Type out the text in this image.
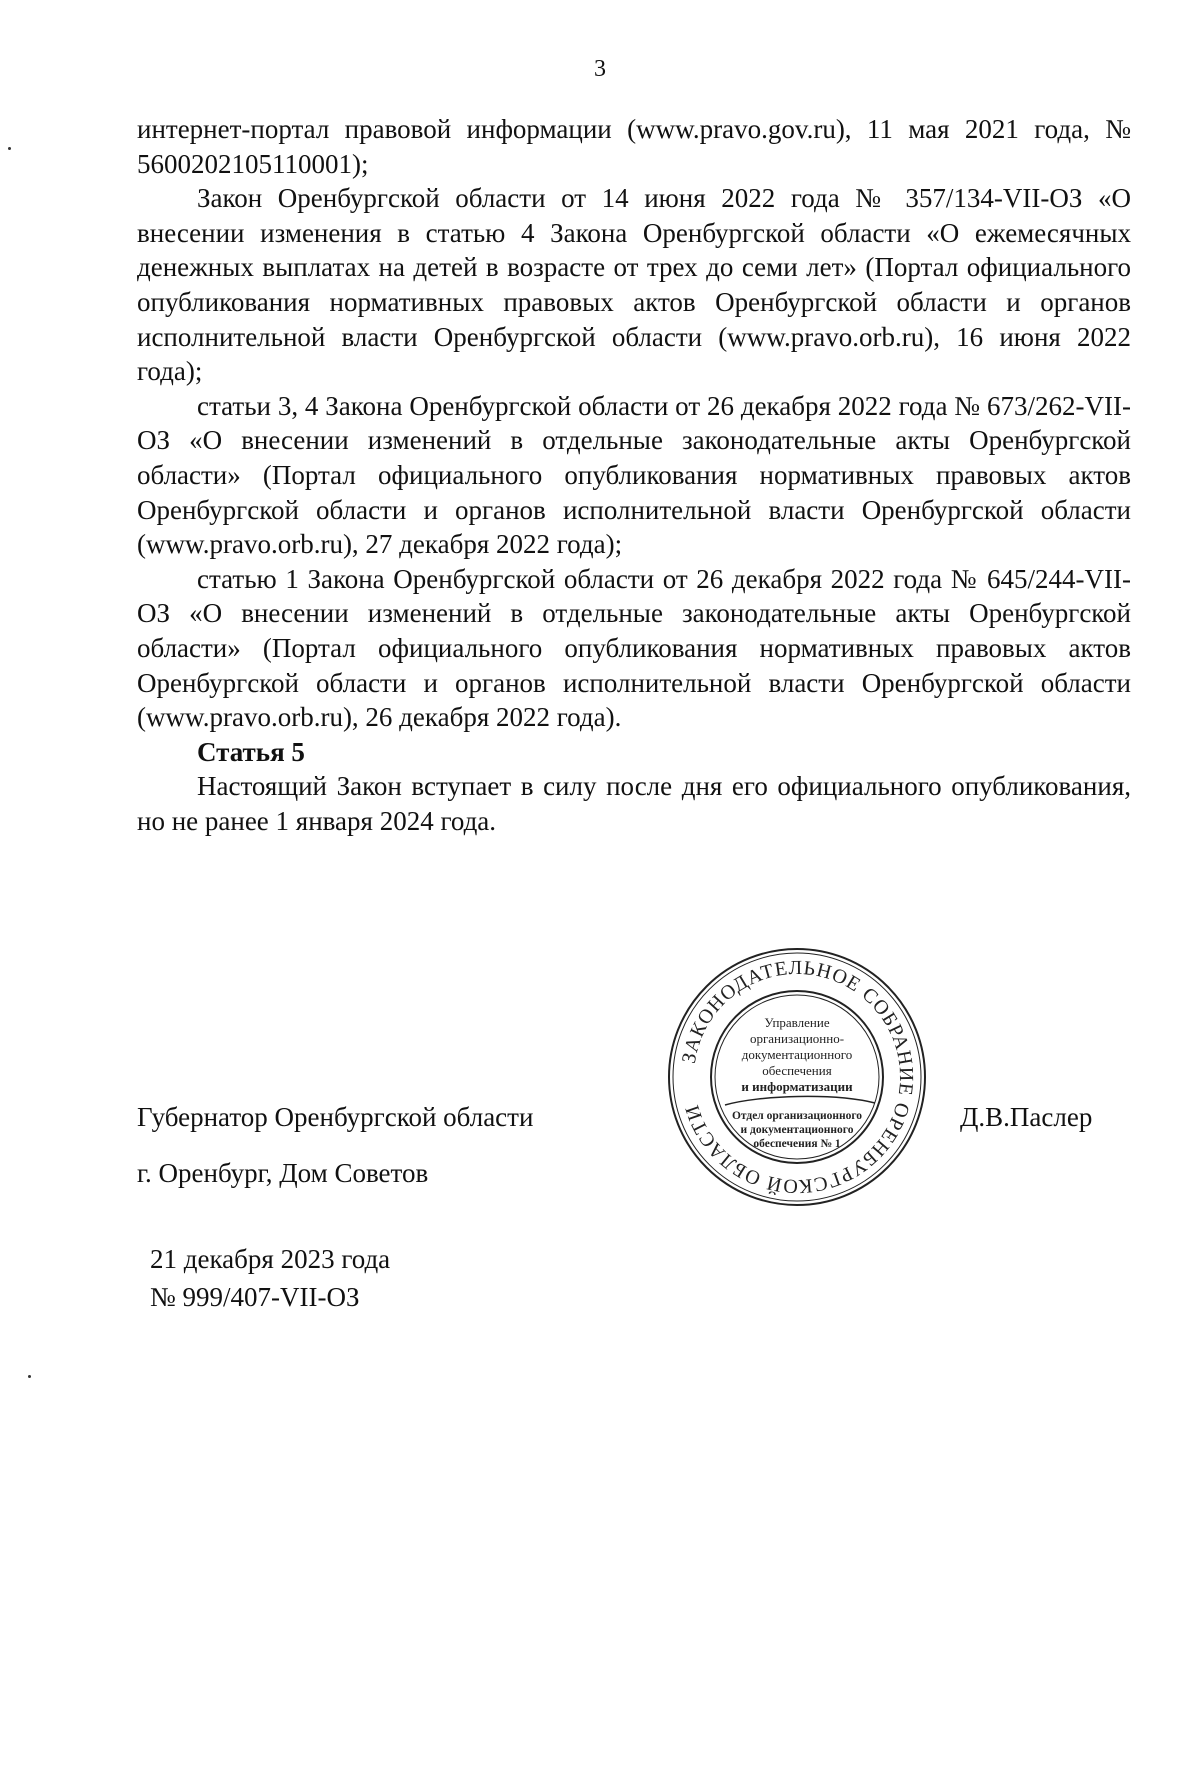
3

интернет-портал правовой информации (www.pravo.gov.ru), 11 мая 2021 года, № 5600202105110001);

Закон Оренбургской области от 14 июня 2022 года № 357/134-VII-ОЗ «О внесении изменения в статью 4 Закона Оренбургской области «О ежемесячных денежных выплатах на детей в возрасте от трех до семи лет» (Портал официального опубликования нормативных правовых актов Оренбургской области и органов исполнительной власти Оренбургской области (www.pravo.orb.ru), 16 июня 2022 года);

статьи 3, 4 Закона Оренбургской области от 26 декабря 2022 года № 673/262-VII-ОЗ «О внесении изменений в отдельные законодательные акты Оренбургской области» (Портал официального опубликования нормативных правовых актов Оренбургской области и органов исполнительной власти Оренбургской области (www.pravo.orb.ru), 27 декабря 2022 года);

статью 1 Закона Оренбургской области от 26 декабря 2022 года № 645/244-VII-ОЗ «О внесении изменений в отдельные законодательные акты Оренбургской области» (Портал официального опубликования нормативных правовых актов Оренбургской области и органов исполнительной власти Оренбургской области (www.pravo.orb.ru), 26 декабря 2022 года).

Статья 5

Настоящий Закон вступает в силу после дня его официального опубликования, но не ранее 1 января 2024 года.

Губернатор Оренбургской области
г. Оренбург, Дом Советов
Д.В.Паслер
21 декабря 2023 года
№ 999/407-VII-ОЗ
ЗАКОНОДАТЕЛЬНОЕ СОБРАНИЕ ОРЕНБУРГСКОЙ ОБЛАСТИ
Управление
организационно-
документационного
обеспечения
и информатизации
Отдел организационного
и документационного
обеспечения № 1
